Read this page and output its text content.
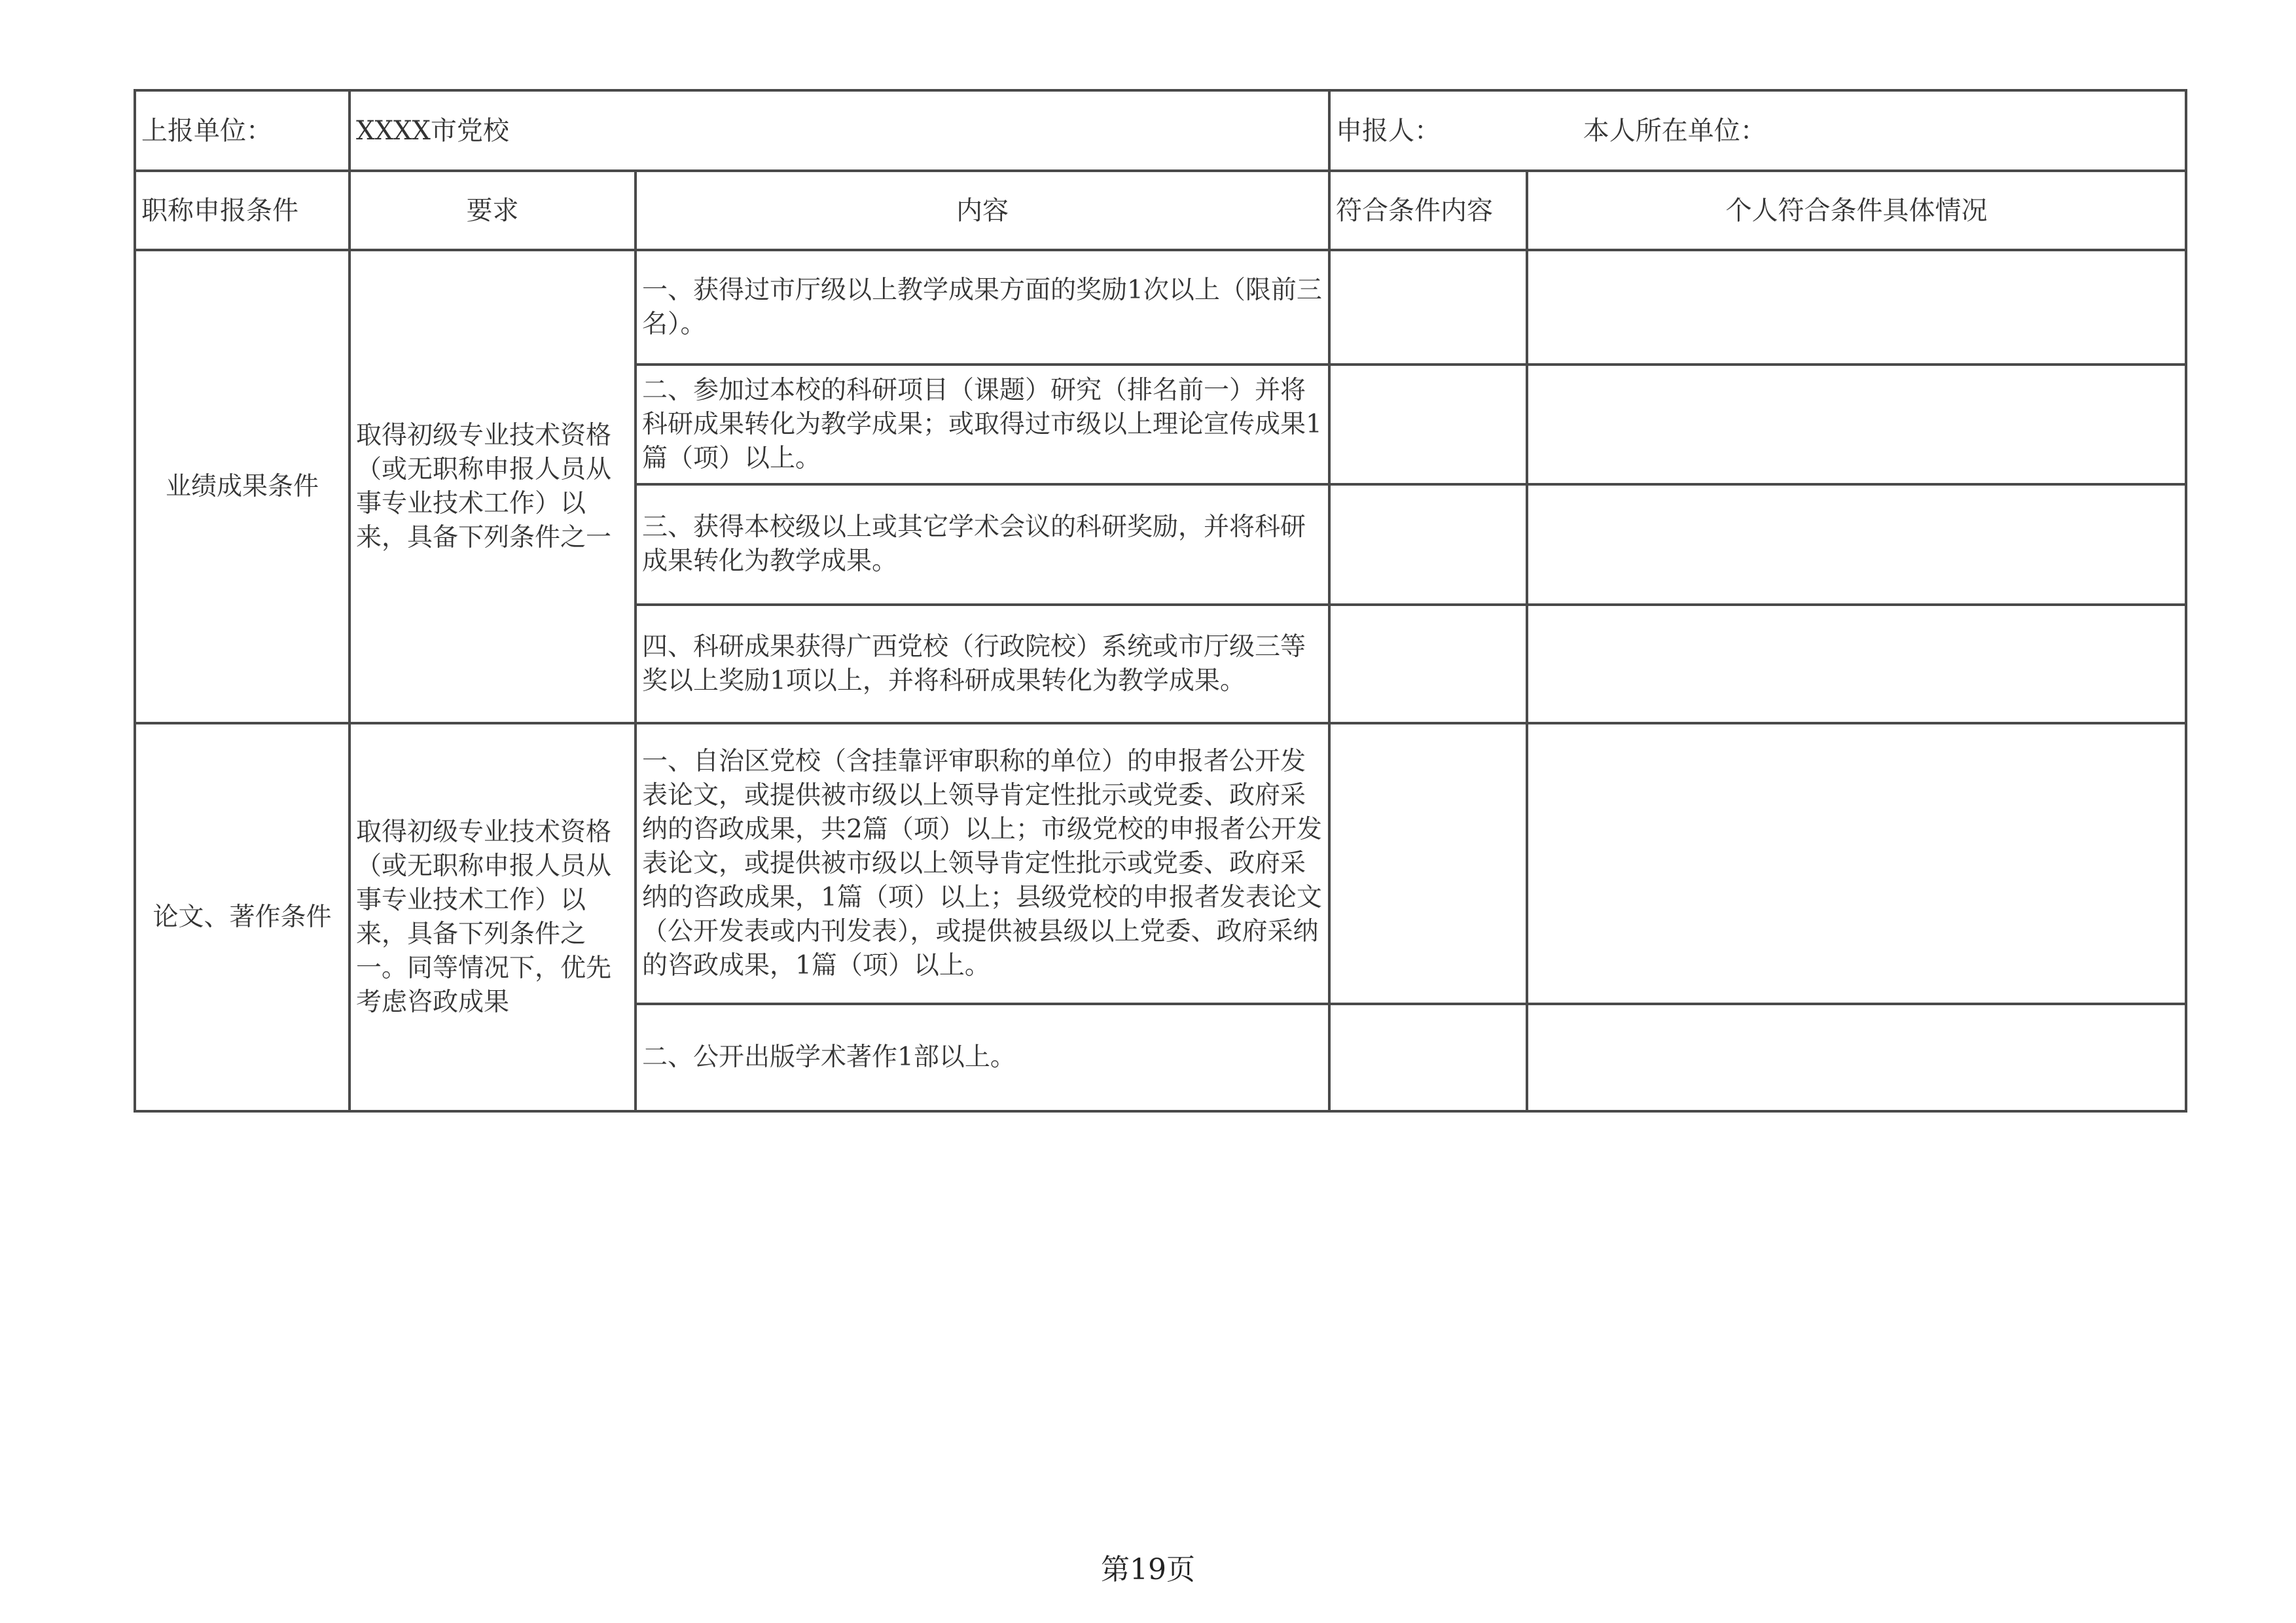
上报单位：	XXXX市党校		申报人： 本人所在单位：	
职称申报条件	要求	内容	符合条件内容	个人符合条件具体情况
业绩成果条件	取得初级专业技术资格（或无职称申报人员从事专业技术工作）以来，具备下列条件之一	一、获得过市厅级以上教学成果方面的奖励1次以上（限前三名）。		
		二、参加过本校的科研项目（课题）研究（排名前一）并将科研成果转化为教学成果；或取得过市级以上理论宣传成果1篇（项）以上。		
		三、获得本校级以上或其它学术会议的科研奖励，并将科研成果转化为教学成果。		
		四、科研成果获得广西党校（行政院校）系统或市厅级三等奖以上奖励1项以上，并将科研成果转化为教学成果。		
论文、著作条件	取得初级专业技术资格（或无职称申报人员从事专业技术工作）以来，具备下列条件之一。同等情况下，优先考虑咨政成果	一、自治区党校（含挂靠评审职称的单位）的申报者公开发表论文，或提供被市级以上领导肯定性批示或党委、政府采纳的咨政成果，共2篇（项）以上；市级党校的申报者公开发表论文，或提供被市级以上领导肯定性批示或党委、政府采纳的咨政成果，1篇（项）以上；县级党校的申报者发表论文（公开发表或内刊发表），或提供被县级以上党委、政府采纳的咨政成果，1篇（项）以上。		
		二、公开出版学术著作1部以上。		
第19页
